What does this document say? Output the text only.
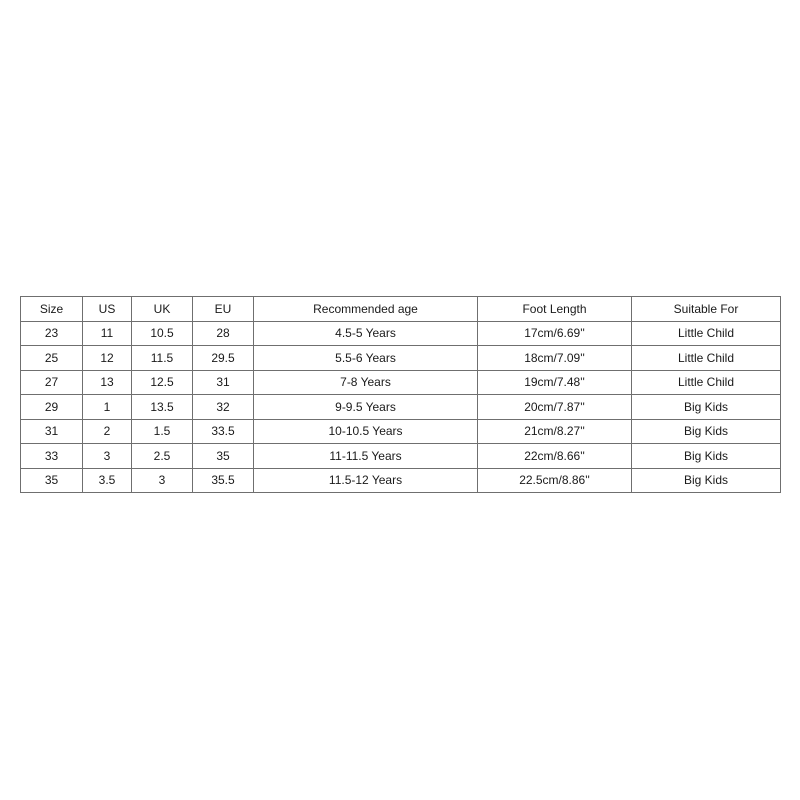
Size	US	UK	EU	Recommended age	Foot Length	Suitable For
23	11	10.5	28	4.5-5 Years	17cm/6.69''	Little Child
25	12	11.5	29.5	5.5-6 Years	18cm/7.09''	Little Child
27	13	12.5	31	7-8 Years	19cm/7.48''	Little Child
29	1	13.5	32	9-9.5 Years	20cm/7.87''	Big Kids
31	2	1.5	33.5	10-10.5 Years	21cm/8.27''	Big Kids
33	3	2.5	35	11-11.5 Years	22cm/8.66''	Big Kids
35	3.5	3	35.5	11.5-12 Years	22.5cm/8.86''	Big Kids
